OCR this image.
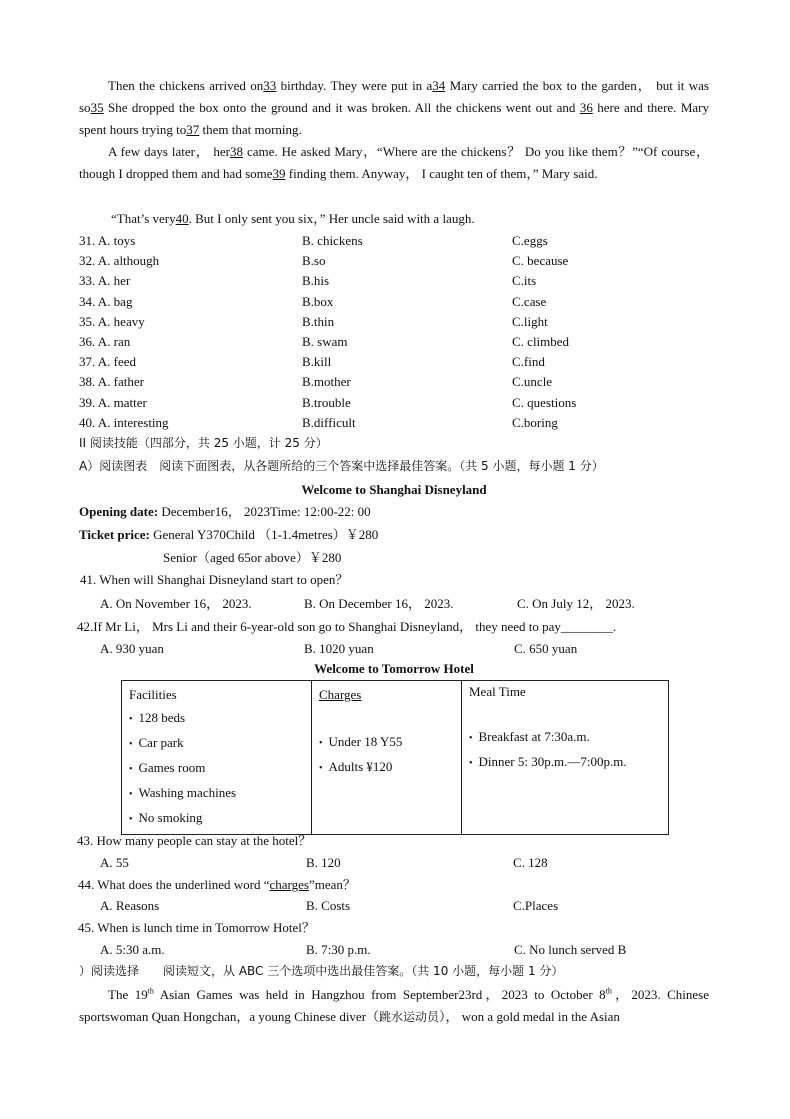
Then the chickens arrived on33 birthday. They were put in a34 Mary carried the box to the garden， but it was so35 She dropped the box onto the ground and it was broken. All the chickens went out and 36 here and there. Mary spent hours trying to37 them that morning.
A few days later， her38 came. He asked Mary，“Where are the chickens？ Do you like them？”“Of course， though I dropped them and had some39 finding them. Anyway， I caught ten of them，” Mary said.
“That’s very40. But I only sent you six，” Her uncle said with a laugh.
31. A. toys	B. chickens	C.eggs
32. A. although	B.so	C. because
33. A. her	B.his	C.its
34. A. bag	B.box	C.case
35. A. heavy	B.thin	C.light
36. A. ran	B. swam	C. climbed
37. A. feed	B.kill	C.find
38. A. father	B.mother	C.uncle
39. A. matter	B.trouble	C. questions
40. A. interesting	B.difficult	C.boring
II 阅读技能（四部分，共 25 小题，计 25 分）
A）阅读图表　阅读下面图表，从各题所给的三个答案中选择最佳答案。（共 5 小题，每小题 1 分）
Welcome to Shanghai Disneyland
Opening date: December16， 2023Time: 12:00-22: 00
Ticket price: General Y370Child （1-1.4metres）￥280
Senior（aged 65or above）￥280
41. When will Shanghai Disneyland start to open？
A. On November 16， 2023.	B. On December 16， 2023.	C. On July 12， 2023.
42.If Mr Li， Mrs Li and their 6-year-old son go to Shanghai Disneyland， they need to pay________.
A. 930 yuan	B. 1020 yuan	C. 650 yuan
Welcome to Tomorrow Hotel
Facilities
• 128 beds
• Car park
• Games room
• Washing machines
• No smoking

Charges
• Under 18 Y55
• Adults ¥120

Meal Time
• Breakfast at 7:30a.m.
• Dinner 5: 30p.m.—7:00p.m.
43. How many people can stay at the hotel？
A. 55	B. 120	C. 128
44. What does the underlined word “charges”mean？
A. Reasons	B. Costs	C.Places
45. When is lunch time in Tomorrow Hotel？
A. 5:30 a.m.	B. 7:30 p.m.	C. No lunch served B
）阅读选择　　阅读短文，从 ABC 三个选项中选出最佳答案。（共 10 小题，每小题 1 分）
The 19th Asian Games was held in Hangzhou from September23rd，2023 to October 8th，2023. Chinese sportswoman Quan Hongchan，a young Chinese diver（跳水运动员）， won a gold medal in the Asian
